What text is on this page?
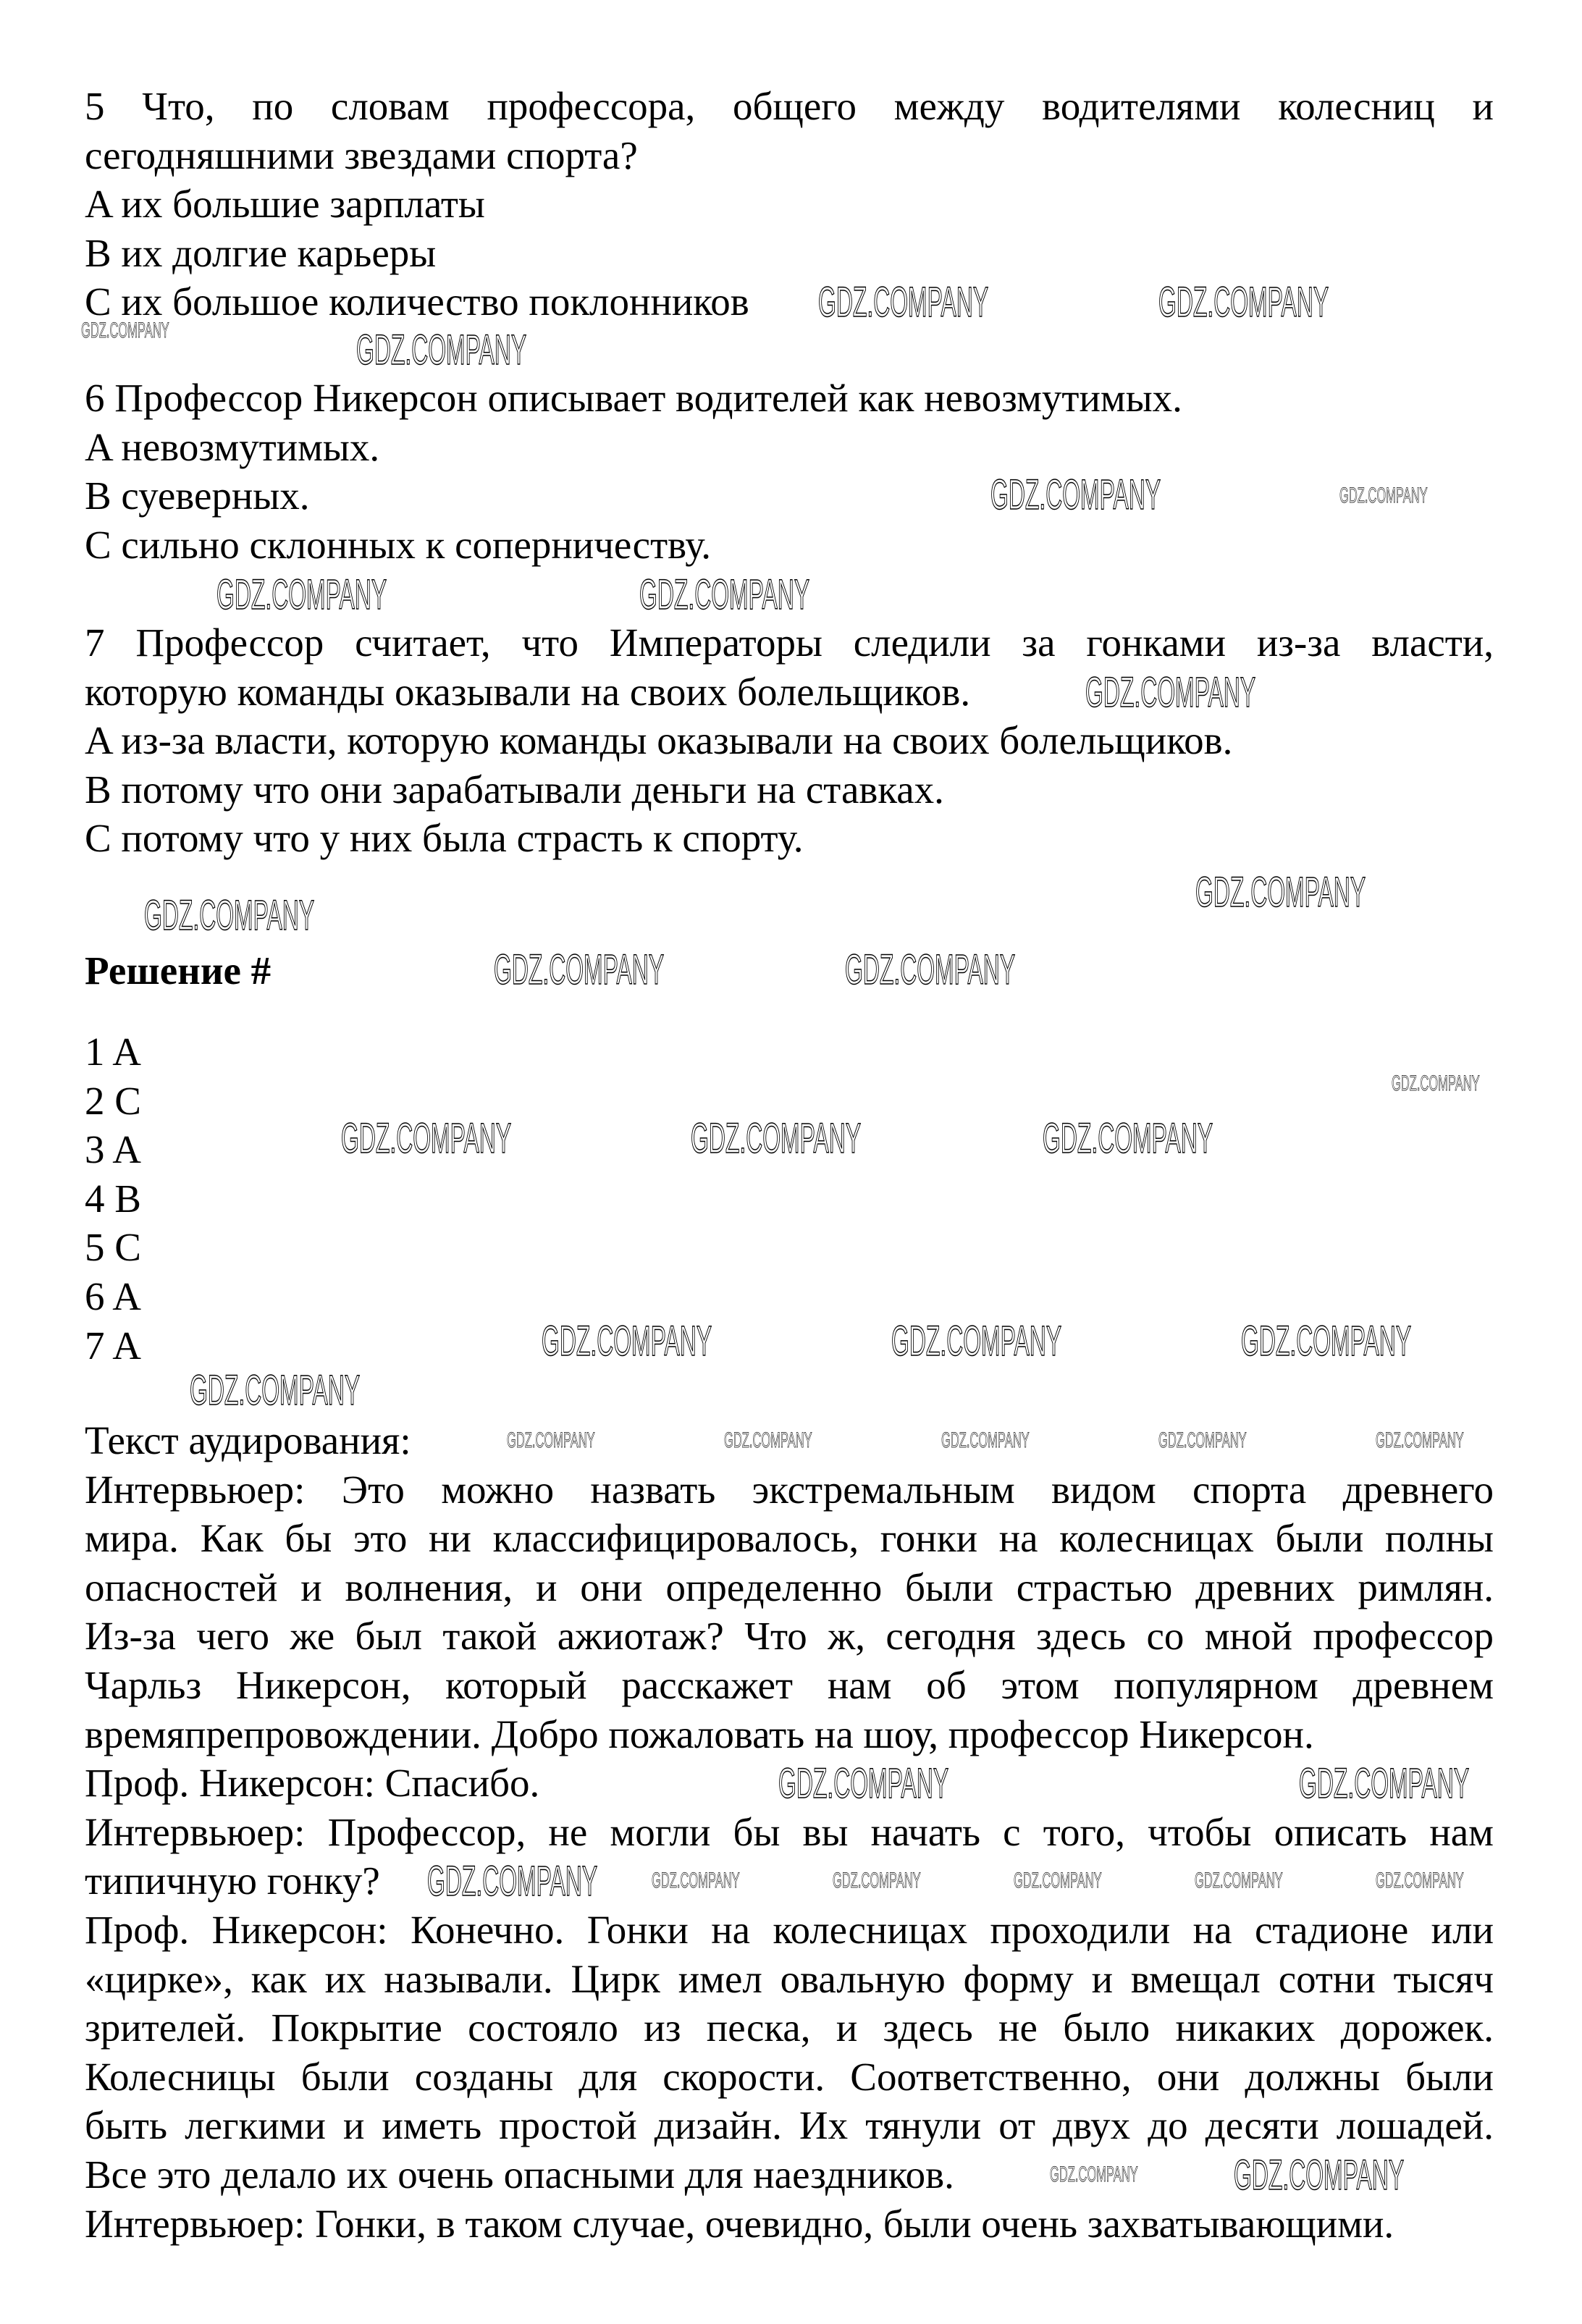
5 Что, по словам профессора, общего между водителями колесниц и
сегодняшними звездами спорта?
A их большие зарплаты
B их долгие карьеры
C их большое количество поклонников
6 Профессор Никерсон описывает водителей как невозмутимых.
A невозмутимых.
B суеверных.
C сильно склонных к соперничеству.
7 Профессор считает, что Императоры следили за гонками из-за власти,
которую команды оказывали на своих болельщиков.
A из-за власти, которую команды оказывали на своих болельщиков.
B потому что они зарабатывали деньги на ставках.
C потому что у них была страсть к спорту.
Решение #
1 A
2 C
3 A
4 B
5 C
6 A
7 A
Текст аудирования:
Интервьюер: Это можно назвать экстремальным видом спорта древнего
мира. Как бы это ни классифицировалось, гонки на колесницах были полны
опасностей и волнения, и они определенно были страстью древних римлян.
Из-за чего же был такой ажиотаж? Что ж, сегодня здесь со мной профессор
Чарльз Никерсон, который расскажет нам об этом популярном древнем
времяпрепровождении. Добро пожаловать на шоу, профессор Никерсон.
Проф. Никерсон: Спасибо.
Интервьюер: Профессор, не могли бы вы начать с того, чтобы описать нам
типичную гонку?
Проф. Никерсон: Конечно. Гонки на колесницах проходили на стадионе или
«цирке», как их называли. Цирк имел овальную форму и вмещал сотни тысяч
зрителей. Покрытие состояло из песка, и здесь не было никаких дорожек.
Колесницы были созданы для скорости. Соответственно, они должны были
быть легкими и иметь простой дизайн. Их тянули от двух до десяти лошадей.
Все это делало их очень опасными для наездников.
Интервьюер: Гонки, в таком случае, очевидно, были очень захватывающими.
GDZ.COMPANY	GDZ.COMPANY
GDZ.COMPANY
GDZ.COMPANY	GDZ.COMPANY
GDZ.COMPANY
GDZ.COMPANY	GDZ.COMPANY
GDZ.COMPANY
GDZ.COMPANY
GDZ.COMPANY
GDZ.COMPANY	GDZ.COMPANY
GDZ.COMPANY	GDZ.COMPANY	GDZ.COMPANY
GDZ.COMPANY
GDZ.COMPANY	GDZ.COMPANY	GDZ.COMPANY
GDZ.COMPANY
GDZ.COMPANY	GDZ.COMPANY	GDZ.COMPANY	GDZ.COMPANY	GDZ.COMPANY
GDZ.COMPANY	GDZ.COMPANY
GDZ.COMPANY GDZ.COMPANY	GDZ.COMPANY	GDZ.COMPANY	GDZ.COMPANY	GDZ.COMPANY
GDZ.COMPANY
GDZ.COMPANY
